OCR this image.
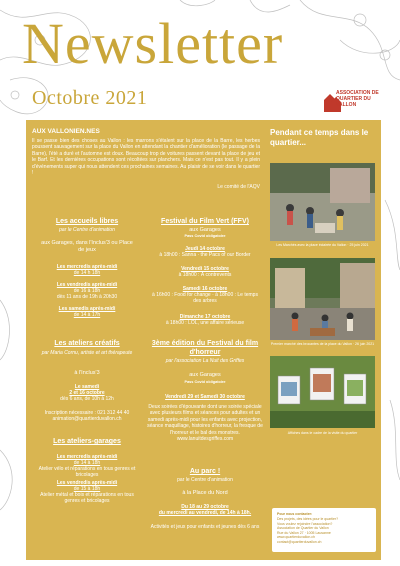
Newsletter
Octobre 2021	ASSOCIATION DE QUARTIER DU VALLON
AUX VALLONIEN.NES
Il se passe bien des choses au Vallon : les marrons s'étalent sur la place de la Barre, les herbes poussent sauvagement sur la place du Vallon en attendant la chantier d'amélioration (le passage de la Barre), l'été a duré et l'automne est doux. Beaucoup trop de voitures passent devant la place de jeu et le Barf. Et les dernières occupations sont récoltées sur planchers. Mais ce n'est pas tout. Il y a plein d'événements super qui nous attendent ces prochaines semaines. Au plaisir de se voir dans le quartier !
Le comité de l'AQV
Pendant ce temps dans le quartier...
Les Marchés avec la place éclairée du Vallon · 25 juin 2021
Premier marché des brocantes de la place du Vallon · 26 juin 2021
Affiches dans le cadre de la visite du quartier
Pour nous contacter:
Des projets, des idées pour le quartier?
Vous voulez rejoindre l'association?
Association de Quartier du Vallon
Rue du Vallon 27 · 1005 Lausanne
www.quartierduvallon.ch
contact@quartierduvallon.ch
Les accueils libres
par le Centre d'animation
aux Garages, dans l'Inclus'3 ou Place de jeux
Les mercredis après-midi
de 14 h 18h
Les vendredis après-midi
de 16 à 18h
dès 11 ans de 19h à 20h30
Les samedis après-midi
de 14 à 17h
Les ateliers créatifs
par Maria Cornu, artiste et art thérapeute
à l'Inclus'3
Le samedi
2 et 16 octobre
dès 6 ans, de 10h à 12h
Inscription nécessaire : 021 312 44 40
animation@quartierduvallon.ch
Les ateliers-garages
Les mercredis après-midi
de 14 à 18h
Atelier vélo et réparations en tous genres et bricolages
Les vendredis après-midi
de 15 à 18h
Atelier métal et bois et réparations en tous genres et bricolages
Festival du Film Vert (FFV)
aux Garages
Pass Covid obligatoire
Jeudi 14 octobre
à 18h00 : Sanna · the Pacs of our Border
Vendredi 15 octobre
à 18h00 : À contrevents
Samedi 16 octobre
à 16h00 : Food for change · à 18h00 : Le temps des arbres
Dimanche 17 octobre
à 18h00 : LOL, une affaire sérieuse
3ème édition du Festival du film d'horreur
par l'association La Nuit des Griffes
aux Garages
Pass Covid obligatoire
Vendredi 29 et Samedi 30 octobre
Deux soirées d'épouvante dont une soirée spéciale avec plusieurs films et séances pour adultes et un samedi après-midi pour les enfants avec projection, séance maquillage, histoires d'horreur, la fresque de l'horreur et le bal des monstres. www.lanuitdesgriffes.com
Au parc !
par le Centre d'animation
à la Place du Nord
Du 18 au 29 octobre
du mercredi au vendredi, de 14h à 18h.
Activités et jeux pour enfants et jeunes dès 6 ans
